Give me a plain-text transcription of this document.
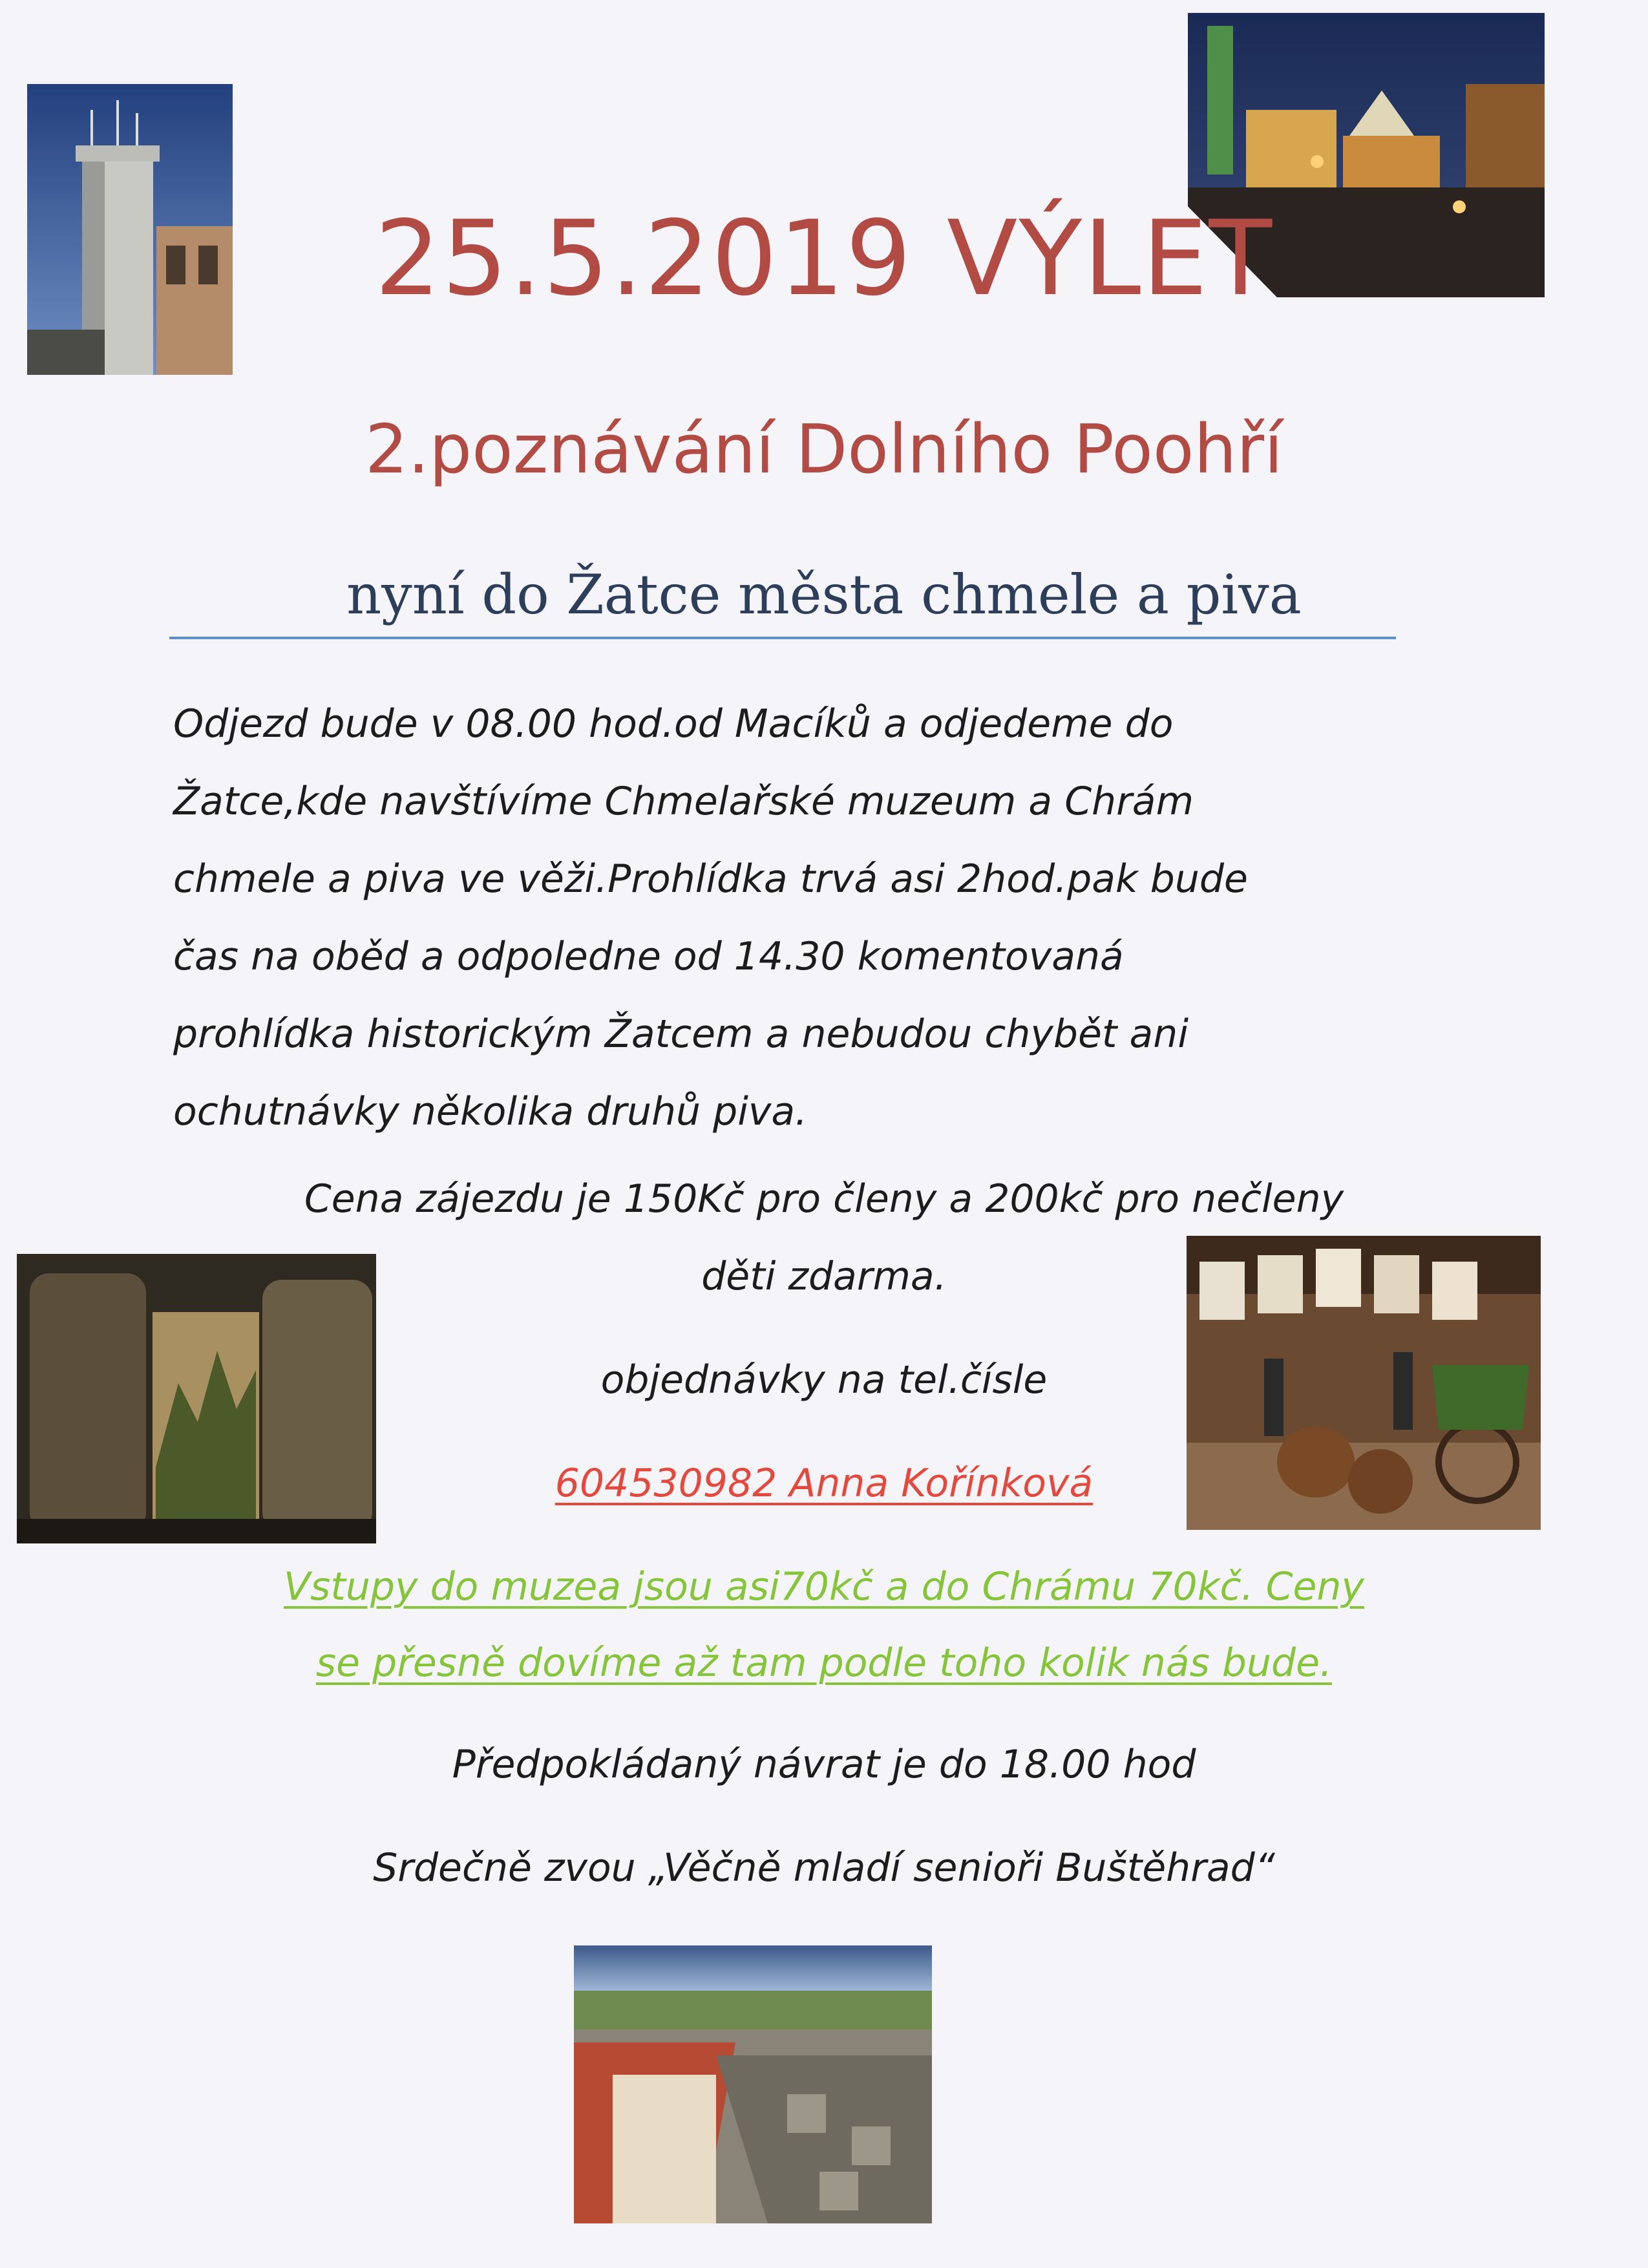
25.5.2019 VÝLET
2.poznávání Dolního Poohří
nyní do Žatce města chmele a piva
Odjezd bude v 08.00 hod.od Macíků a odjedeme do
Žatce,kde navštívíme Chmelařské muzeum a Chrám
chmele a piva ve věži.Prohlídka trvá asi 2hod.pak bude
čas na oběd a odpoledne od 14.30 komentovaná
prohlídka historickým Žatcem a nebudou chybět ani
ochutnávky několika druhů piva.
Cena zájezdu je 150Kč pro členy a 200kč pro nečleny
děti zdarma.
objednávky na tel.čísle
604530982 Anna Kořínková
Vstupy do muzea jsou asi70kč a do Chrámu 70kč. Ceny
se přesně dovíme až tam podle toho kolik nás bude.
Předpokládaný návrat je do 18.00 hod
Srdečně zvou „Věčně mladí senioři Buštěhrad“
